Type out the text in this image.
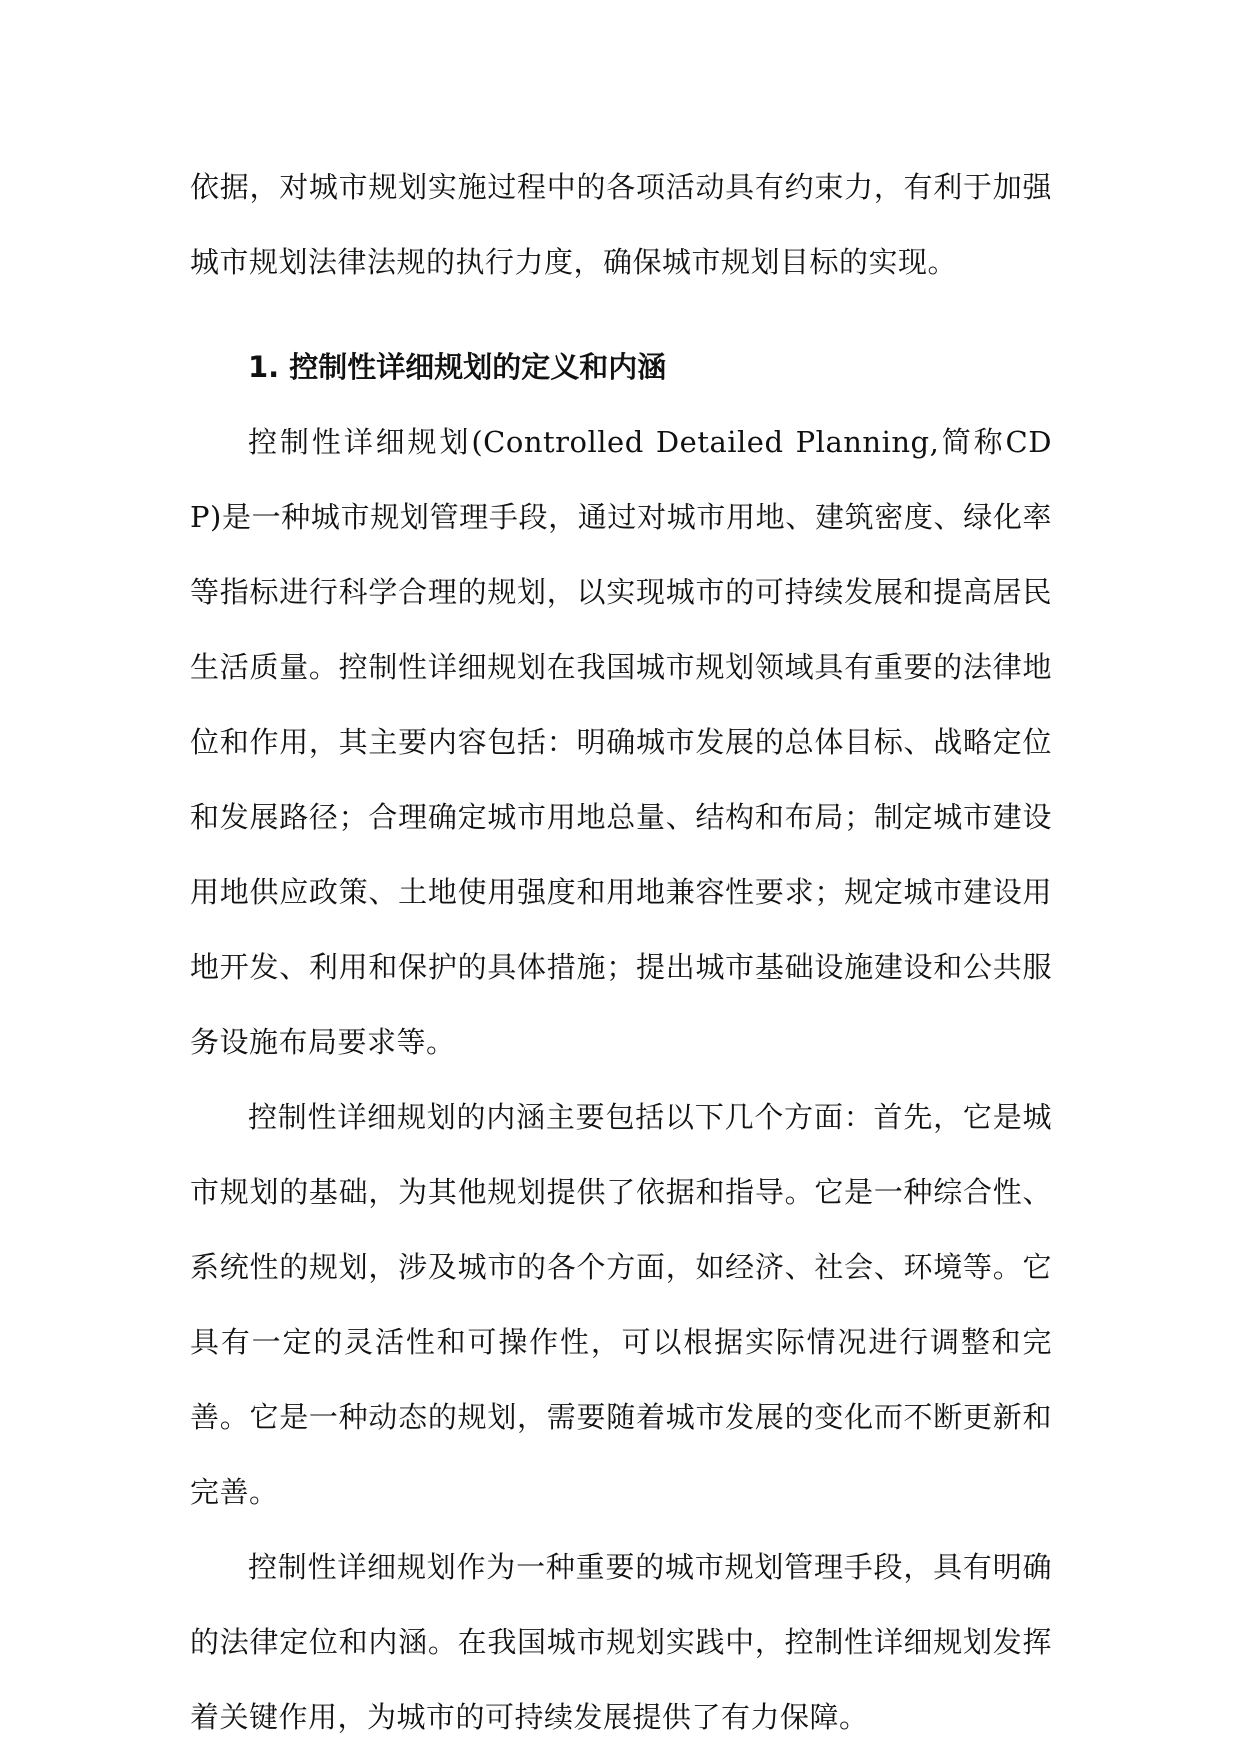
依据，对城市规划实施过程中的各项活动具有约束力，有利于加强城市规划法律法规的执行力度，确保城市规划目标的实现。

1. 控制性详细规划的定义和内涵

控制性详细规划(Controlled Detailed Planning,简称CDP)是一种城市规划管理手段，通过对城市用地、建筑密度、绿化率等指标进行科学合理的规划，以实现城市的可持续发展和提高居民生活质量。控制性详细规划在我国城市规划领域具有重要的法律地位和作用，其主要内容包括：明确城市发展的总体目标、战略定位和发展路径；合理确定城市用地总量、结构和布局；制定城市建设用地供应政策、土地使用强度和用地兼容性要求；规定城市建设用地开发、利用和保护的具体措施；提出城市基础设施建设和公共服务设施布局要求等。

控制性详细规划的内涵主要包括以下几个方面：首先，它是城市规划的基础，为其他规划提供了依据和指导。它是一种综合性、系统性的规划，涉及城市的各个方面，如经济、社会、环境等。它具有一定的灵活性和可操作性，可以根据实际情况进行调整和完善。它是一种动态的规划，需要随着城市发展的变化而不断更新和完善。

控制性详细规划作为一种重要的城市规划管理手段，具有明确的法律定位和内涵。在我国城市规划实践中，控制性详细规划发挥着关键作用，为城市的可持续发展提供了有力保障。
